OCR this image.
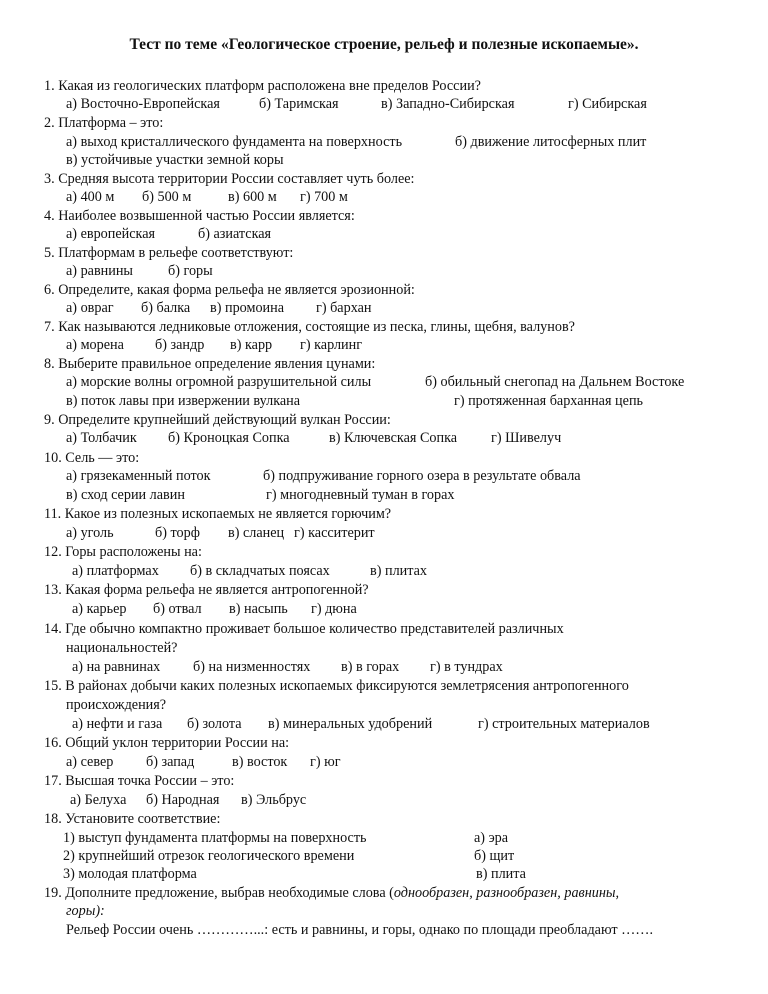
Тест по теме «Геологическое строение, рельеф и полезные ископаемые».
1. Какая из геологических платформ расположена вне пределов России?
а) Восточно-Европейская	б) Таримская	в) Западно-Сибирская	г) Сибирская
2. Платформа – это:
а) выход кристаллического фундамента на поверхность	б) движение литосферных плит
в) устойчивые участки земной коры
3. Средняя высота территории России составляет чуть более:
а) 400 м б) 500 м	в) 600 м г) 700 м
4. Наиболее возвышенной частью России является:
а) европейская	б) азиатская
5. Платформам в рельефе соответствуют:
а) равнины б) горы
6. Определите, какая форма рельефа не является эрозионной:
а) овраг б) балка в) промоина г) бархан
7. Как называются ледниковые отложения, состоящие из песка, глины, щебня, валунов?
а) морена б) зандр в) карр г) карлинг
8. Выберите правильное определение явления цунами:
а) морские волны огромной разрушительной силы	б) обильный снегопад на Дальнем Востоке
в) поток лавы при извержении вулкана	г) протяженная барханная цепь
9. Определите крупнейший действующий вулкан России:
а) Толбачик б) Кроноцкая Сопка	в) Ключевская Сопка г) Шивелуч
10. Сель — это:
а) грязекаменный поток	б) подпруживание горного озера в результате обвала
в) сход серии лавин	г) многодневный туман в горах
11. Какое из полезных ископаемых не является горючим?
а) уголь	б) торф в) сланец г) касситерит
12. Горы расположены на:
а) платформах б) в складчатых поясах	в) плитах
13. Какая форма рельефа не является антропогенной?
а) карьер б) отвал в) насыпь г) дюна
14. Где обычно компактно проживает большое количество представителей различных
национальностей?
а) на равнинах б) на низменностях в) в горах г) в тундрах
15. В районах добычи каких полезных ископаемых фиксируются землетрясения антропогенного
происхождения?
а) нефти и газа б) золота в) минеральных удобрений	г) строительных материалов
16. Общий уклон территории России на:
а) север б) запад	в) восток г) юг
17. Высшая точка России – это:
а) Белуха б) Народная в) Эльбрус
18. Установите соответствие:
1) выступ фундамента платформы на поверхность	а) эра
2) крупнейший отрезок геологического времени	б) щит
3) молодая платформа	в) плита
19. Дополните предложение, выбрав необходимые слова (однообразен, разнообразен, равнины,
горы):
Рельеф России очень …………...: есть и равнины, и горы, однако по площади преобладают …….
